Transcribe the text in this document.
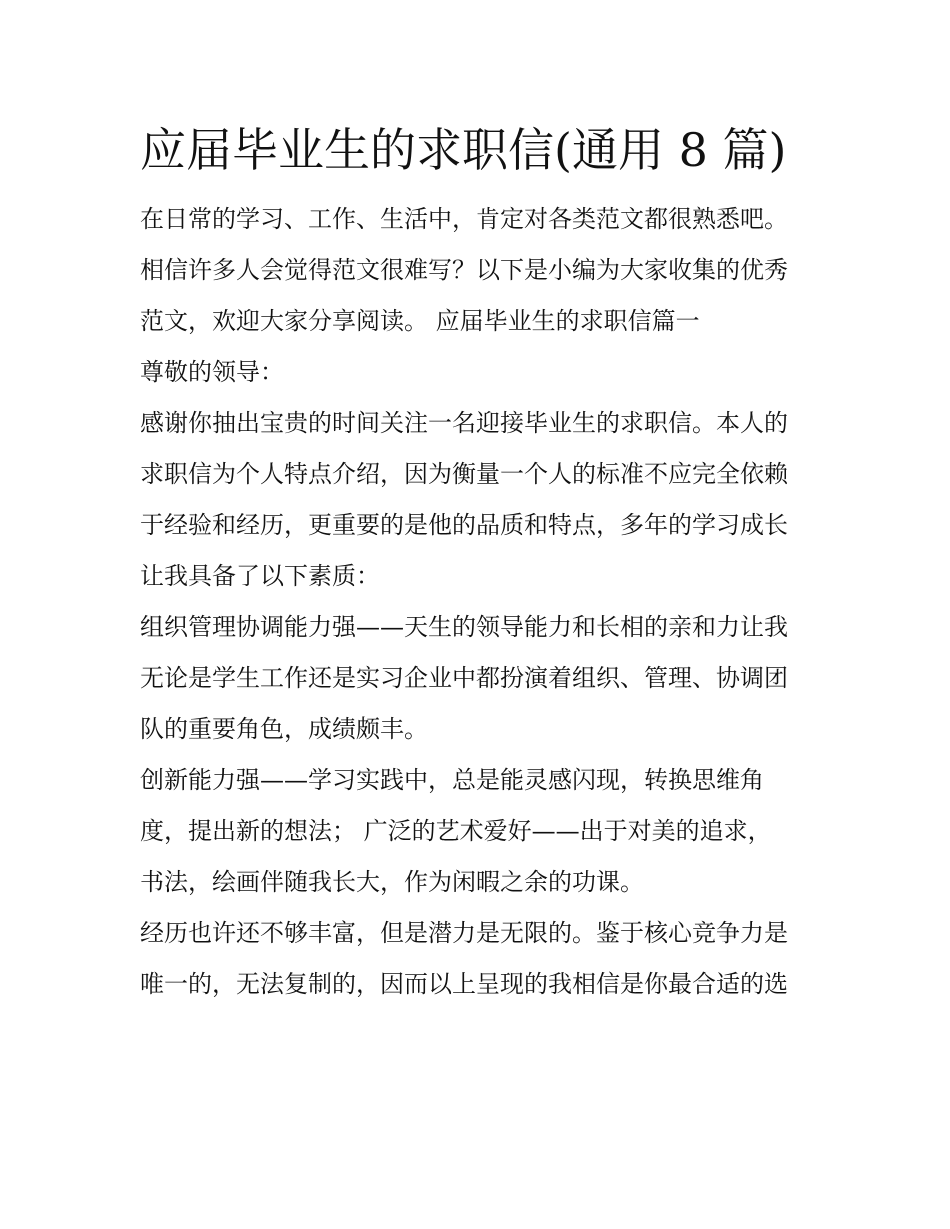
应届毕业生的求职信(通用 8 篇)

在日常的学习、工作、生活中，肯定对各类范文都很熟悉吧。

相信许多人会觉得范文很难写？以下是小编为大家收集的优秀

范文，欢迎大家分享阅读。 应届毕业生的求职信篇一

尊敬的领导：

感谢你抽出宝贵的时间关注一名迎接毕业生的求职信。本人的

求职信为个人特点介绍，因为衡量一个人的标准不应完全依赖

于经验和经历，更重要的是他的品质和特点，多年的学习成长

让我具备了以下素质：

组织管理协调能力强——天生的领导能力和长相的亲和力让我

无论是学生工作还是实习企业中都扮演着组织、管理、协调团

队的重要角色，成绩颇丰。

创新能力强——学习实践中，总是能灵感闪现，转换思维角

度，提出新的想法； 广泛的艺术爱好——出于对美的追求，

书法，绘画伴随我长大，作为闲暇之余的功课。

经历也许还不够丰富，但是潜力是无限的。鉴于核心竞争力是

唯一的，无法复制的，因而以上呈现的我相信是你最合适的选
